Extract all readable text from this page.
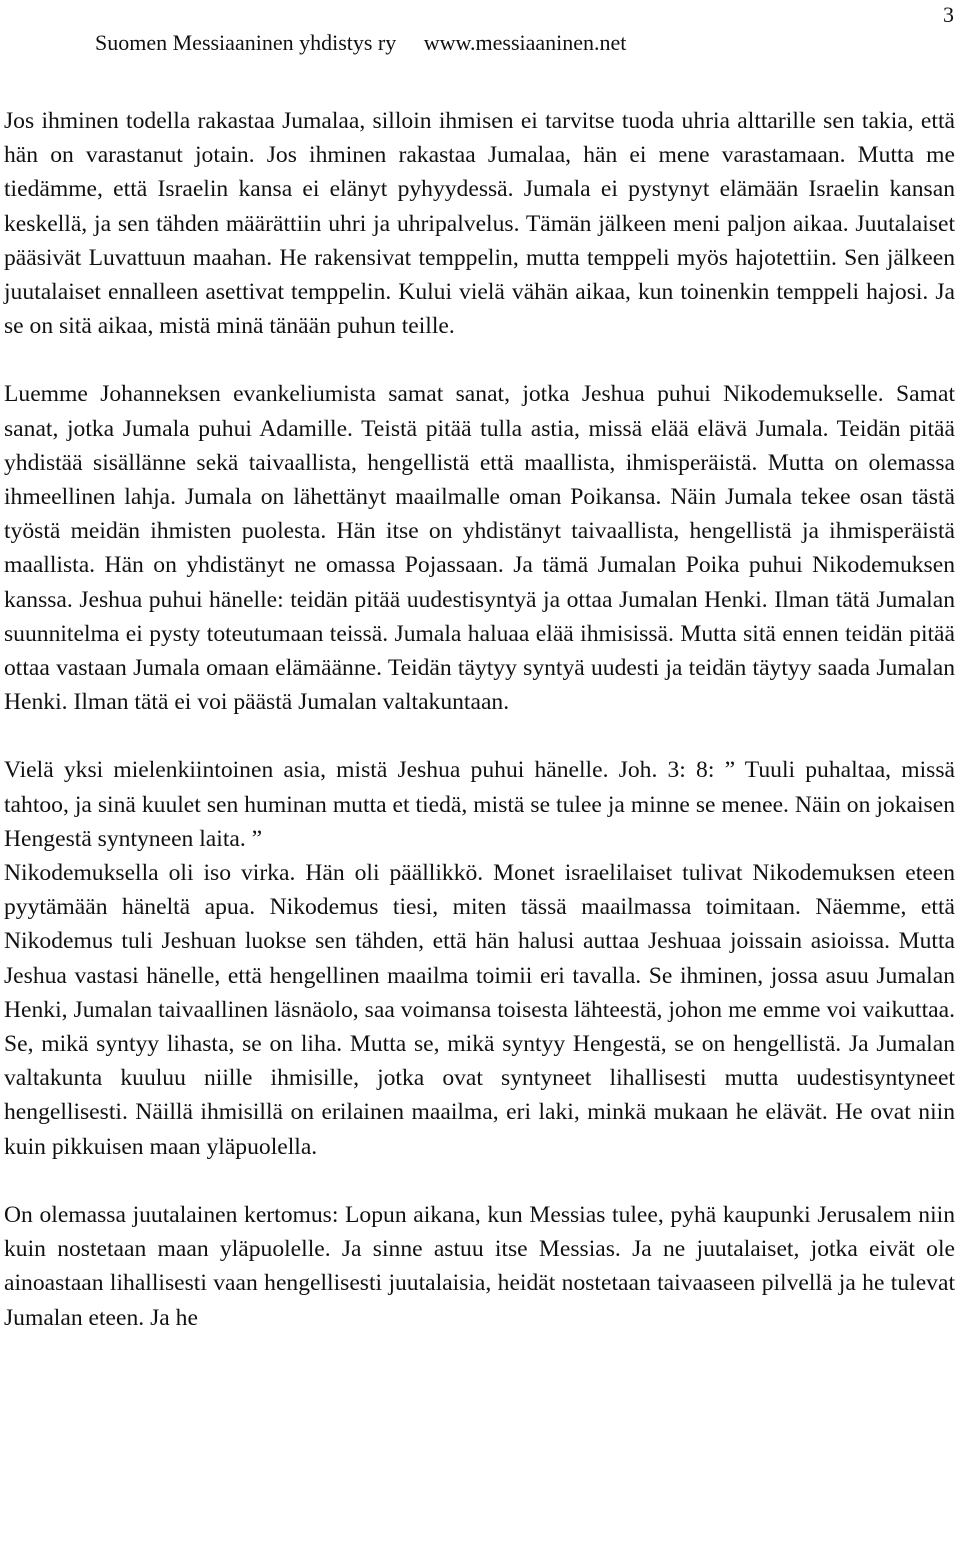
Suomen Messiaaninen yhdistys ry www.messiaaninen.net
3

Jos ihminen todella rakastaa Jumalaa, silloin ihmisen ei tarvitse tuoda uhria alttarille sen takia, että hän on varastanut jotain. Jos ihminen rakastaa Jumalaa, hän ei mene varastamaan. Mutta me tiedämme, että Israelin kansa ei elänyt pyhyydessä. Jumala ei pystynyt elämään Israelin kansan keskellä, ja sen tähden määrättiin uhri ja uhripalvelus. Tämän jälkeen meni paljon aikaa. Juutalaiset pääsivät Luvattuun maahan. He rakensivat temppelin, mutta temppeli myös hajotettiin. Sen jälkeen juutalaiset ennalleen asettivat temppelin. Kului vielä vähän aikaa, kun toinenkin temppeli hajosi. Ja se on sitä aikaa, mistä minä tänään puhun teille.

Luemme Johanneksen evankeliumista samat sanat, jotka Jeshua puhui Nikodemukselle. Samat sanat, jotka Jumala puhui Adamille. Teistä pitää tulla astia, missä elää elävä Jumala. Teidän pitää yhdistää sisällänne sekä taivaallista, hengellistä että maallista, ihmisperäistä. Mutta on olemassa ihmeellinen lahja. Jumala on lähettänyt maailmalle oman Poikansa. Näin Jumala tekee osan tästä työstä meidän ihmisten puolesta. Hän itse on yhdistänyt taivaallista, hengellistä ja ihmisperäistä maallista. Hän on yhdistänyt ne omassa Pojassaan. Ja tämä Jumalan Poika puhui Nikodemuksen kanssa. Jeshua puhui hänelle: teidän pitää uudestisyntyä ja ottaa Jumalan Henki. Ilman tätä Jumalan suunnitelma ei pysty toteutumaan teissä. Jumala haluaa elää ihmisissä. Mutta sitä ennen teidän pitää ottaa vastaan Jumala omaan elämäänne. Teidän täytyy syntyä uudesti ja teidän täytyy saada Jumalan Henki. Ilman tätä ei voi päästä Jumalan valtakuntaan.

Vielä yksi mielenkiintoinen asia, mistä Jeshua puhui hänelle. Joh. 3: 8: ” Tuuli puhaltaa, missä tahtoo, ja sinä kuulet sen huminan mutta et tiedä, mistä se tulee ja minne se menee. Näin on jokaisen Hengestä syntyneen laita. ”

Nikodemuksella oli iso virka. Hän oli päällikkö. Monet israelilaiset tulivat Nikodemuksen eteen pyytämään häneltä apua. Nikodemus tiesi, miten tässä maailmassa toimitaan. Näemme, että Nikodemus tuli Jeshuan luokse sen tähden, että hän halusi auttaa Jeshuaa joissain asioissa. Mutta Jeshua vastasi hänelle, että hengellinen maailma toimii eri tavalla. Se ihminen, jossa asuu Jumalan Henki, Jumalan taivaallinen läsnäolo, saa voimansa toisesta lähteestä, johon me emme voi vaikuttaa. Se, mikä syntyy lihasta, se on liha. Mutta se, mikä syntyy Hengestä, se on hengellistä. Ja Jumalan valtakunta kuuluu niille ihmisille, jotka ovat syntyneet lihallisesti mutta uudestisyntyneet hengellisesti. Näillä ihmisillä on erilainen maailma, eri laki, minkä mukaan he elävät. He ovat niin kuin pikkuisen maan yläpuolella.

On olemassa juutalainen kertomus: Lopun aikana, kun Messias tulee, pyhä kaupunki Jerusalem niin kuin nostetaan maan yläpuolelle. Ja sinne astuu itse Messias. Ja ne juutalaiset, jotka eivät ole ainoastaan lihallisesti vaan hengellisesti juutalaisia, heidät nostetaan taivaaseen pilvellä ja he tulevat Jumalan eteen. Ja he
